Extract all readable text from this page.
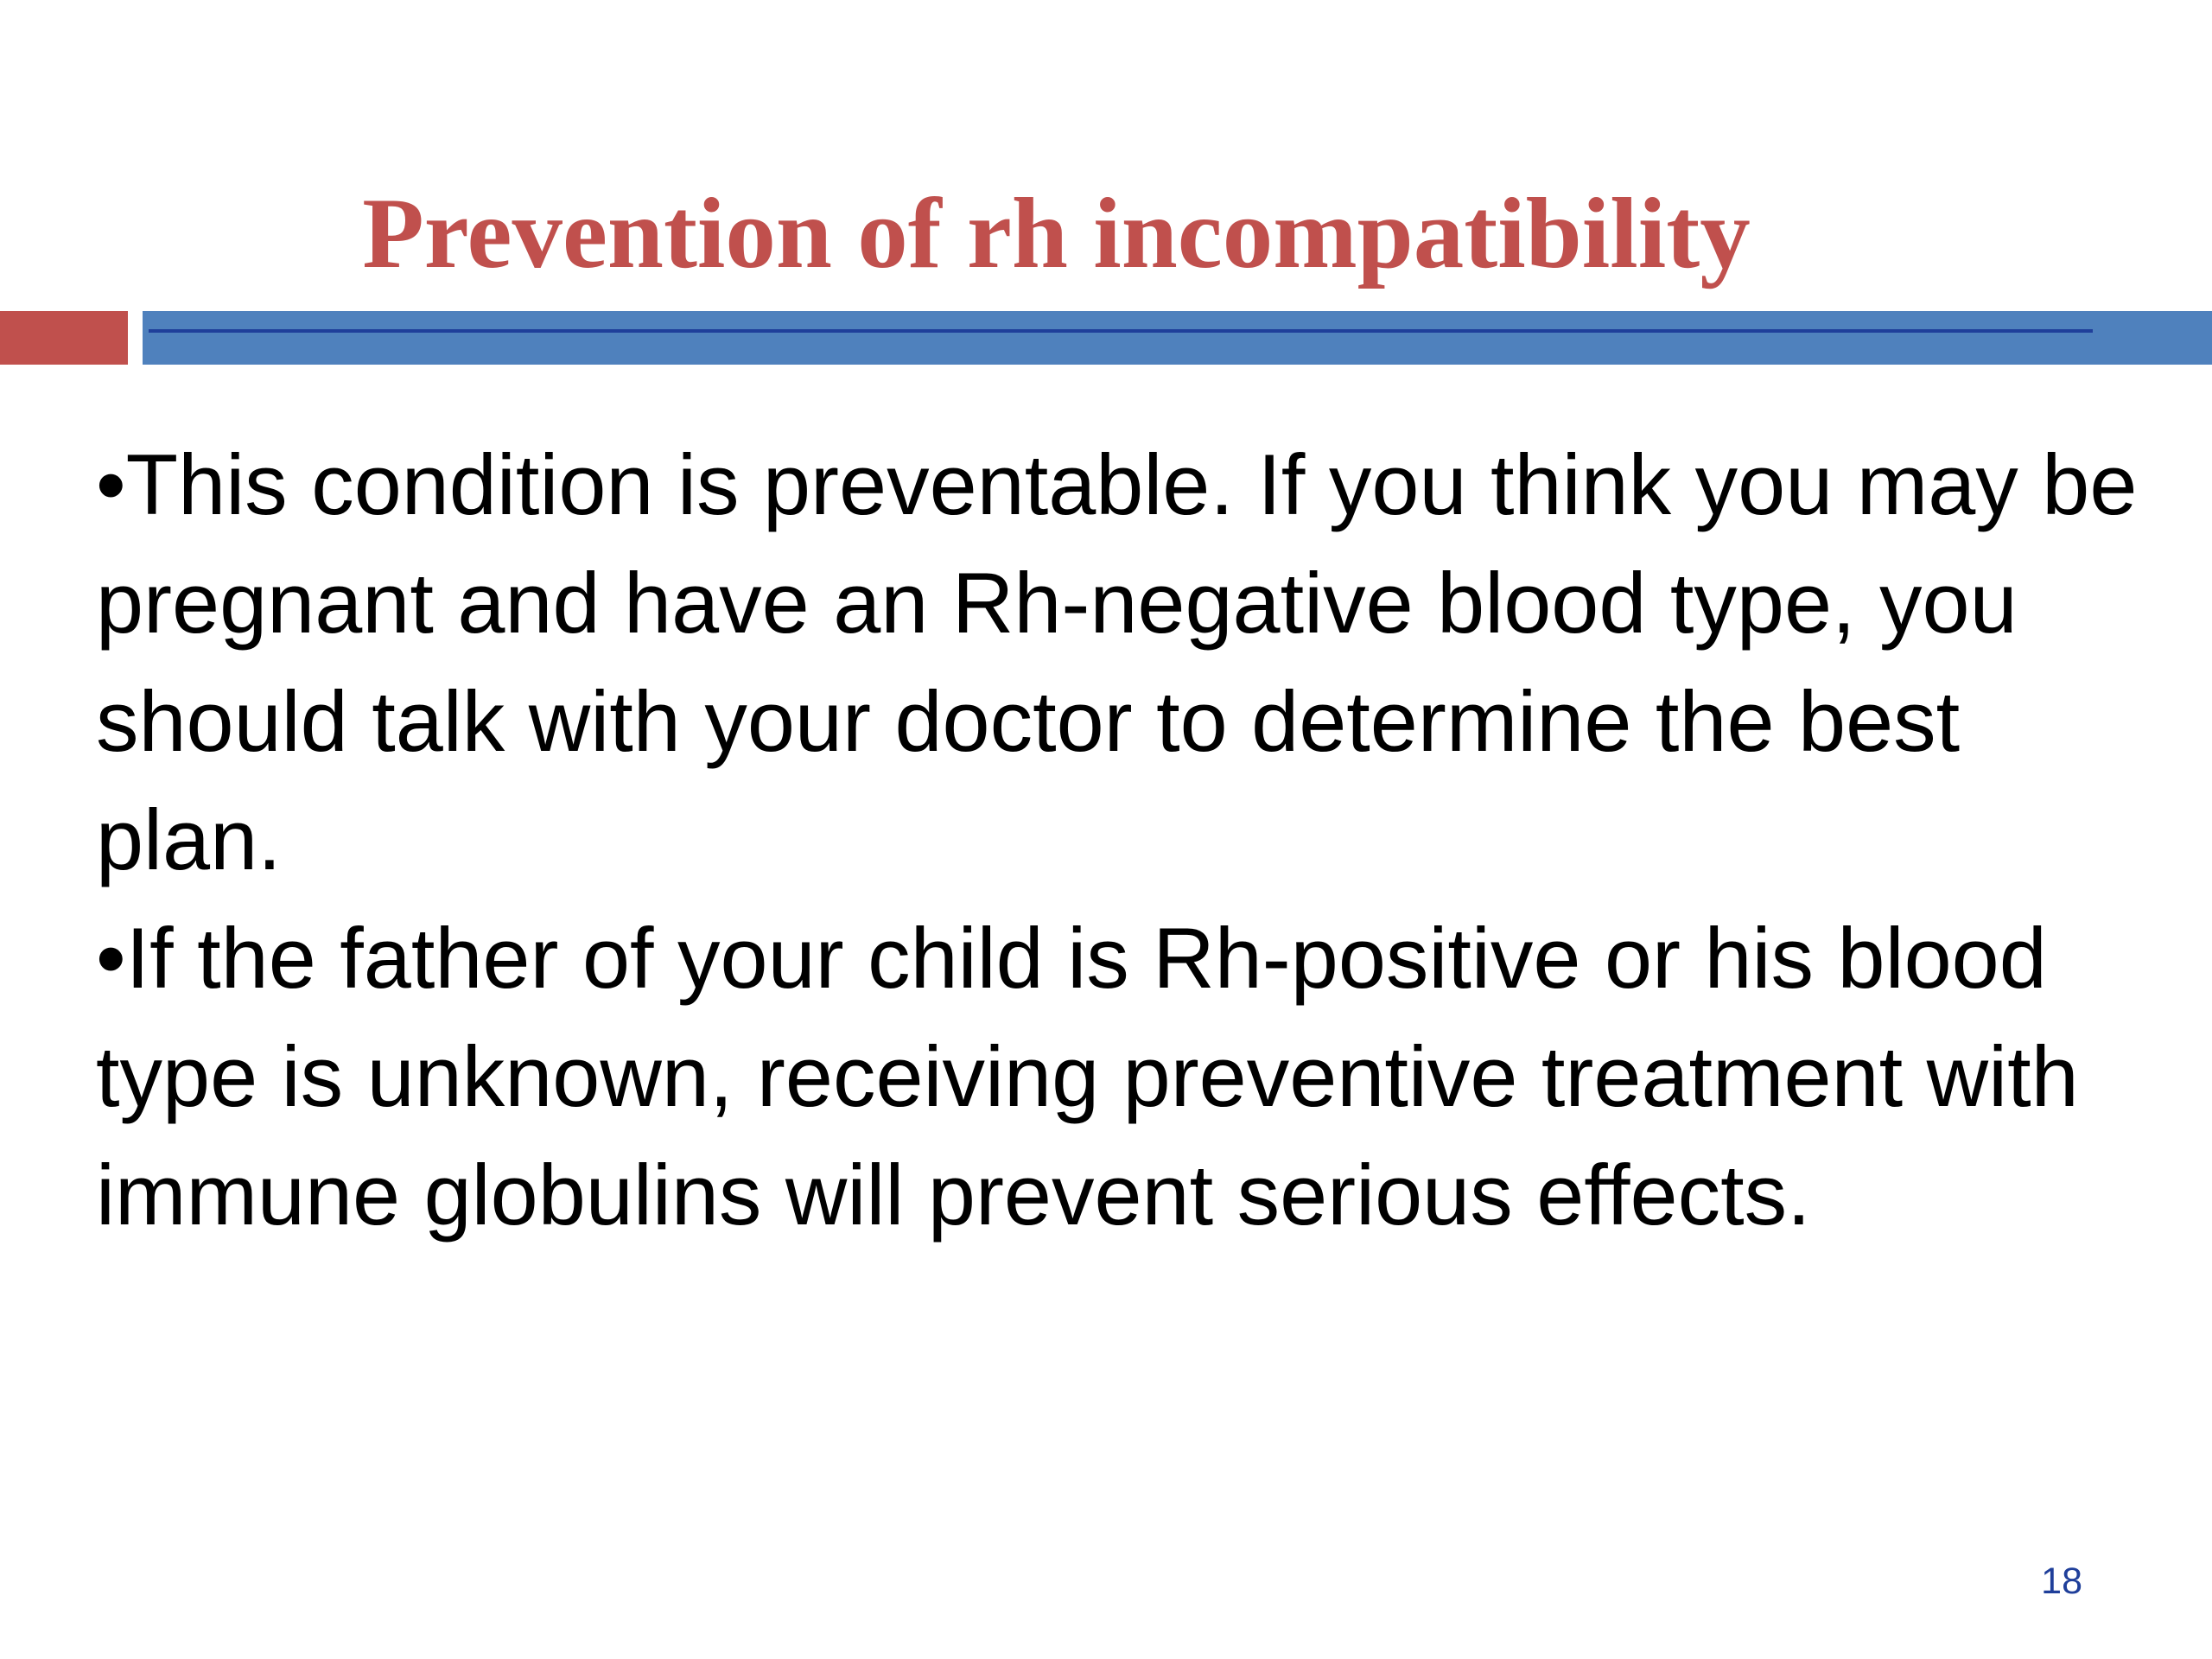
Prevention of rh incompatibility

•This condition is preventable. If you think you may be pregnant and have an Rh-negative blood type, you should talk with your doctor to determine the best plan.

•If the father of your child is Rh-positive or his blood type is unknown, receiving preventive treatment with immune globulins will prevent serious effects.

18
